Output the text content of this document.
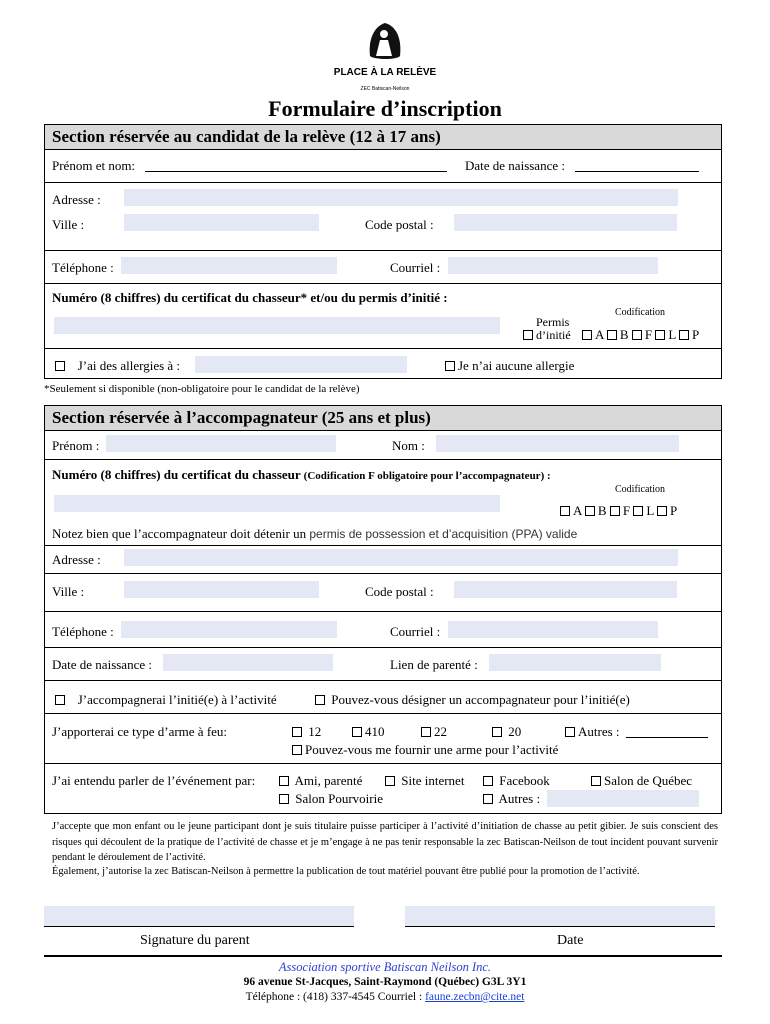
PLACE À LA RELÈVE
ZEC Batiscan-Neilson
Formulaire d’inscription
Section réservée au candidat de la relève (12 à 17 ans)
Prénom et nom:	Date de naissance :
Adresse :
Ville :	Code postal :
Téléphone :	Courriel :
Numéro (8 chiffres) du certificat du chasseur* et/ou du permis d’initié :
Codification
Permis
d’initié	A B F L P
J’ai des allergies à :	Je n’ai aucune allergie
*Seulement si disponible (non-obligatoire pour le candidat de la relève)
Section réservée à l’accompagnateur (25 ans et plus)
Prénom :	Nom :
Numéro (8 chiffres) du certificat du chasseur (Codification F obligatoire pour l’accompagnateur) :
Codification
A B F L P
Notez bien que l’accompagnateur doit détenir un permis de possession et d’acquisition (PPA) valide
Adresse :
Ville :	Code postal :
Téléphone :	Courriel :
Date de naissance :	Lien de parenté :
J’accompagnerai l’initié(e) à l’activité	Pouvez-vous désigner un accompagnateur pour l’initié(e)
J’apporterai ce type d’arme à feu:	12	410	22	20	Autres :
Pouvez-vous me fournir une arme pour l’activité
J’ai entendu parler de l’événement par:	Ami, parenté	Site internet	Facebook	Salon de Québec
Salon Pourvoirie	Autres :
J’accepte que mon enfant ou le jeune participant dont je suis titulaire puisse participer à l’activité d’initiation de chasse au petit gibier. Je suis conscient des risques qui découlent de la pratique de l’activité de chasse et je m’engage à ne pas tenir responsable la zec Batiscan-Neilson de tout incident pouvant survenir pendant le déroulement de l’activité.
Également, j’autorise la zec Batiscan-Neilson à permettre la publication de tout matériel pouvant être publié pour la promotion de l’activité.
Signature du parent	Date
Association sportive Batiscan Neilson Inc.
96 avenue St-Jacques, Saint-Raymond (Québec) G3L 3Y1
Téléphone : (418) 337-4545 Courriel : faune.zecbn@cite.net
